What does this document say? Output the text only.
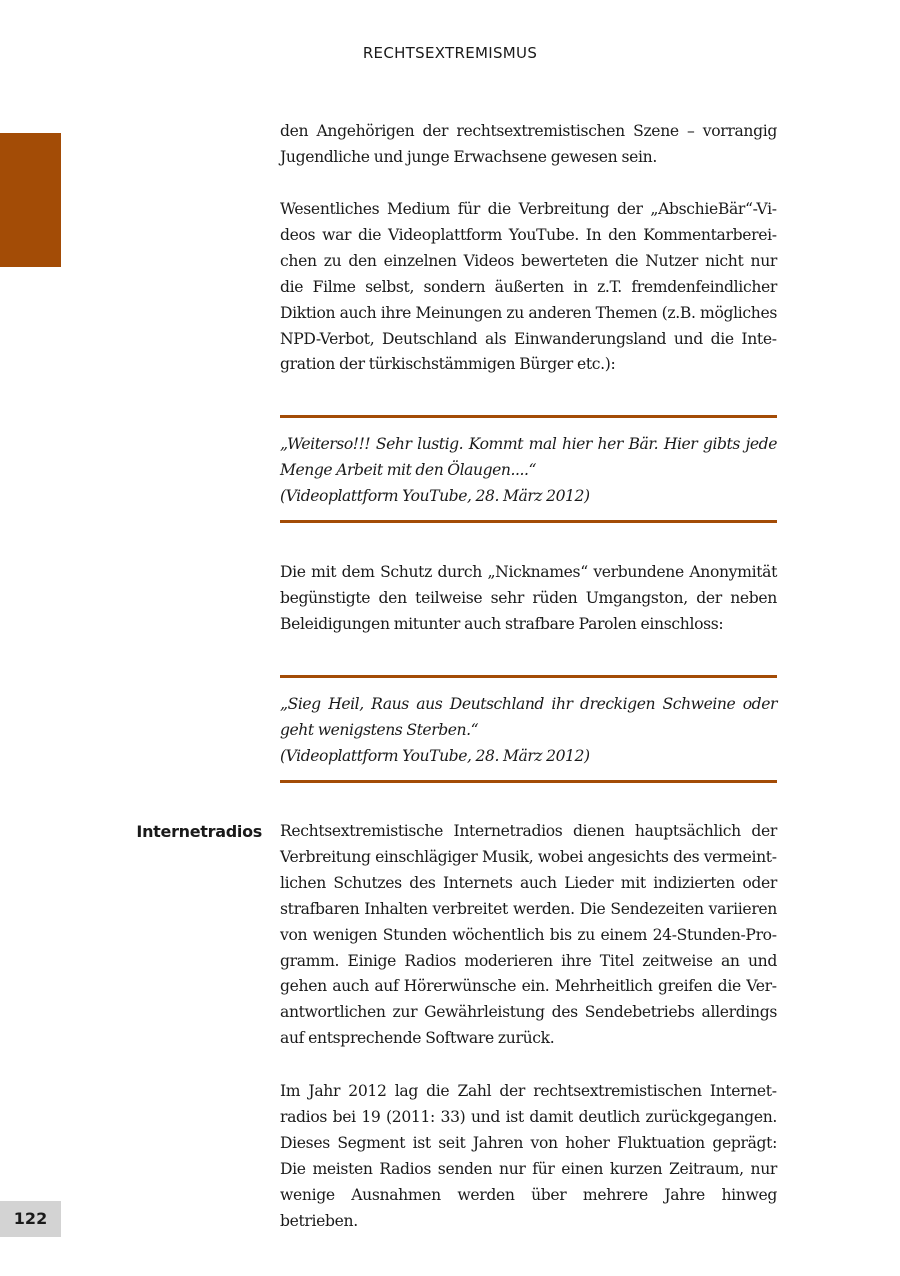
RECHTSEXTREMISMUS

den Angehörigen der rechtsextremistischen Szene – vorrangig Jugendliche und junge Erwachsene gewesen sein.

Wesentliches Medium für die Verbreitung der „AbschieBär“-Videos war die Videoplattform YouTube. In den Kommentarbereichen zu den einzelnen Videos bewerteten die Nutzer nicht nur die Filme selbst, sondern äußerten in z.T. fremdenfeindlicher Diktion auch ihre Meinungen zu anderen Themen (z.B. mögliches NPD-Verbot, Deutschland als Einwanderungsland und die Integration der türkischstämmigen Bürger etc.):

„Weiterso!!! Sehr lustig. Kommt mal hier her Bär. Hier gibts jede Menge Arbeit mit den Ölaugen....“

(Videoplattform YouTube, 28. März 2012)

Die mit dem Schutz durch „Nicknames“ verbundene Anonymität begünstigte den teilweise sehr rüden Umgangston, der neben Beleidigungen mitunter auch strafbare Parolen einschloss:

„Sieg Heil, Raus aus Deutschland ihr dreckigen Schweine oder geht wenigstens Sterben.“

(Videoplattform YouTube, 28. März 2012)

Internetradios Rechtsextremistische Internetradios dienen hauptsächlich der Verbreitung einschlägiger Musik, wobei angesichts des vermeintlichen Schutzes des Internets auch Lieder mit indizierten oder strafbaren Inhalten verbreitet werden. Die Sendezeiten variieren von wenigen Stunden wöchentlich bis zu einem 24-Stunden-Programm. Einige Radios moderieren ihre Titel zeitweise an und gehen auch auf Hörerwünsche ein. Mehrheitlich greifen die Verantwortlichen zur Gewährleistung des Sendebetriebs allerdings auf entsprechende Software zurück.

Im Jahr 2012 lag die Zahl der rechtsextremistischen Internetradios bei 19 (2011: 33) und ist damit deutlich zurückgegangen. Dieses Segment ist seit Jahren von hoher Fluktuation geprägt: Die meisten Radios senden nur für einen kurzen Zeitraum, nur wenige Ausnahmen werden über mehrere Jahre hinweg betrieben.

122
